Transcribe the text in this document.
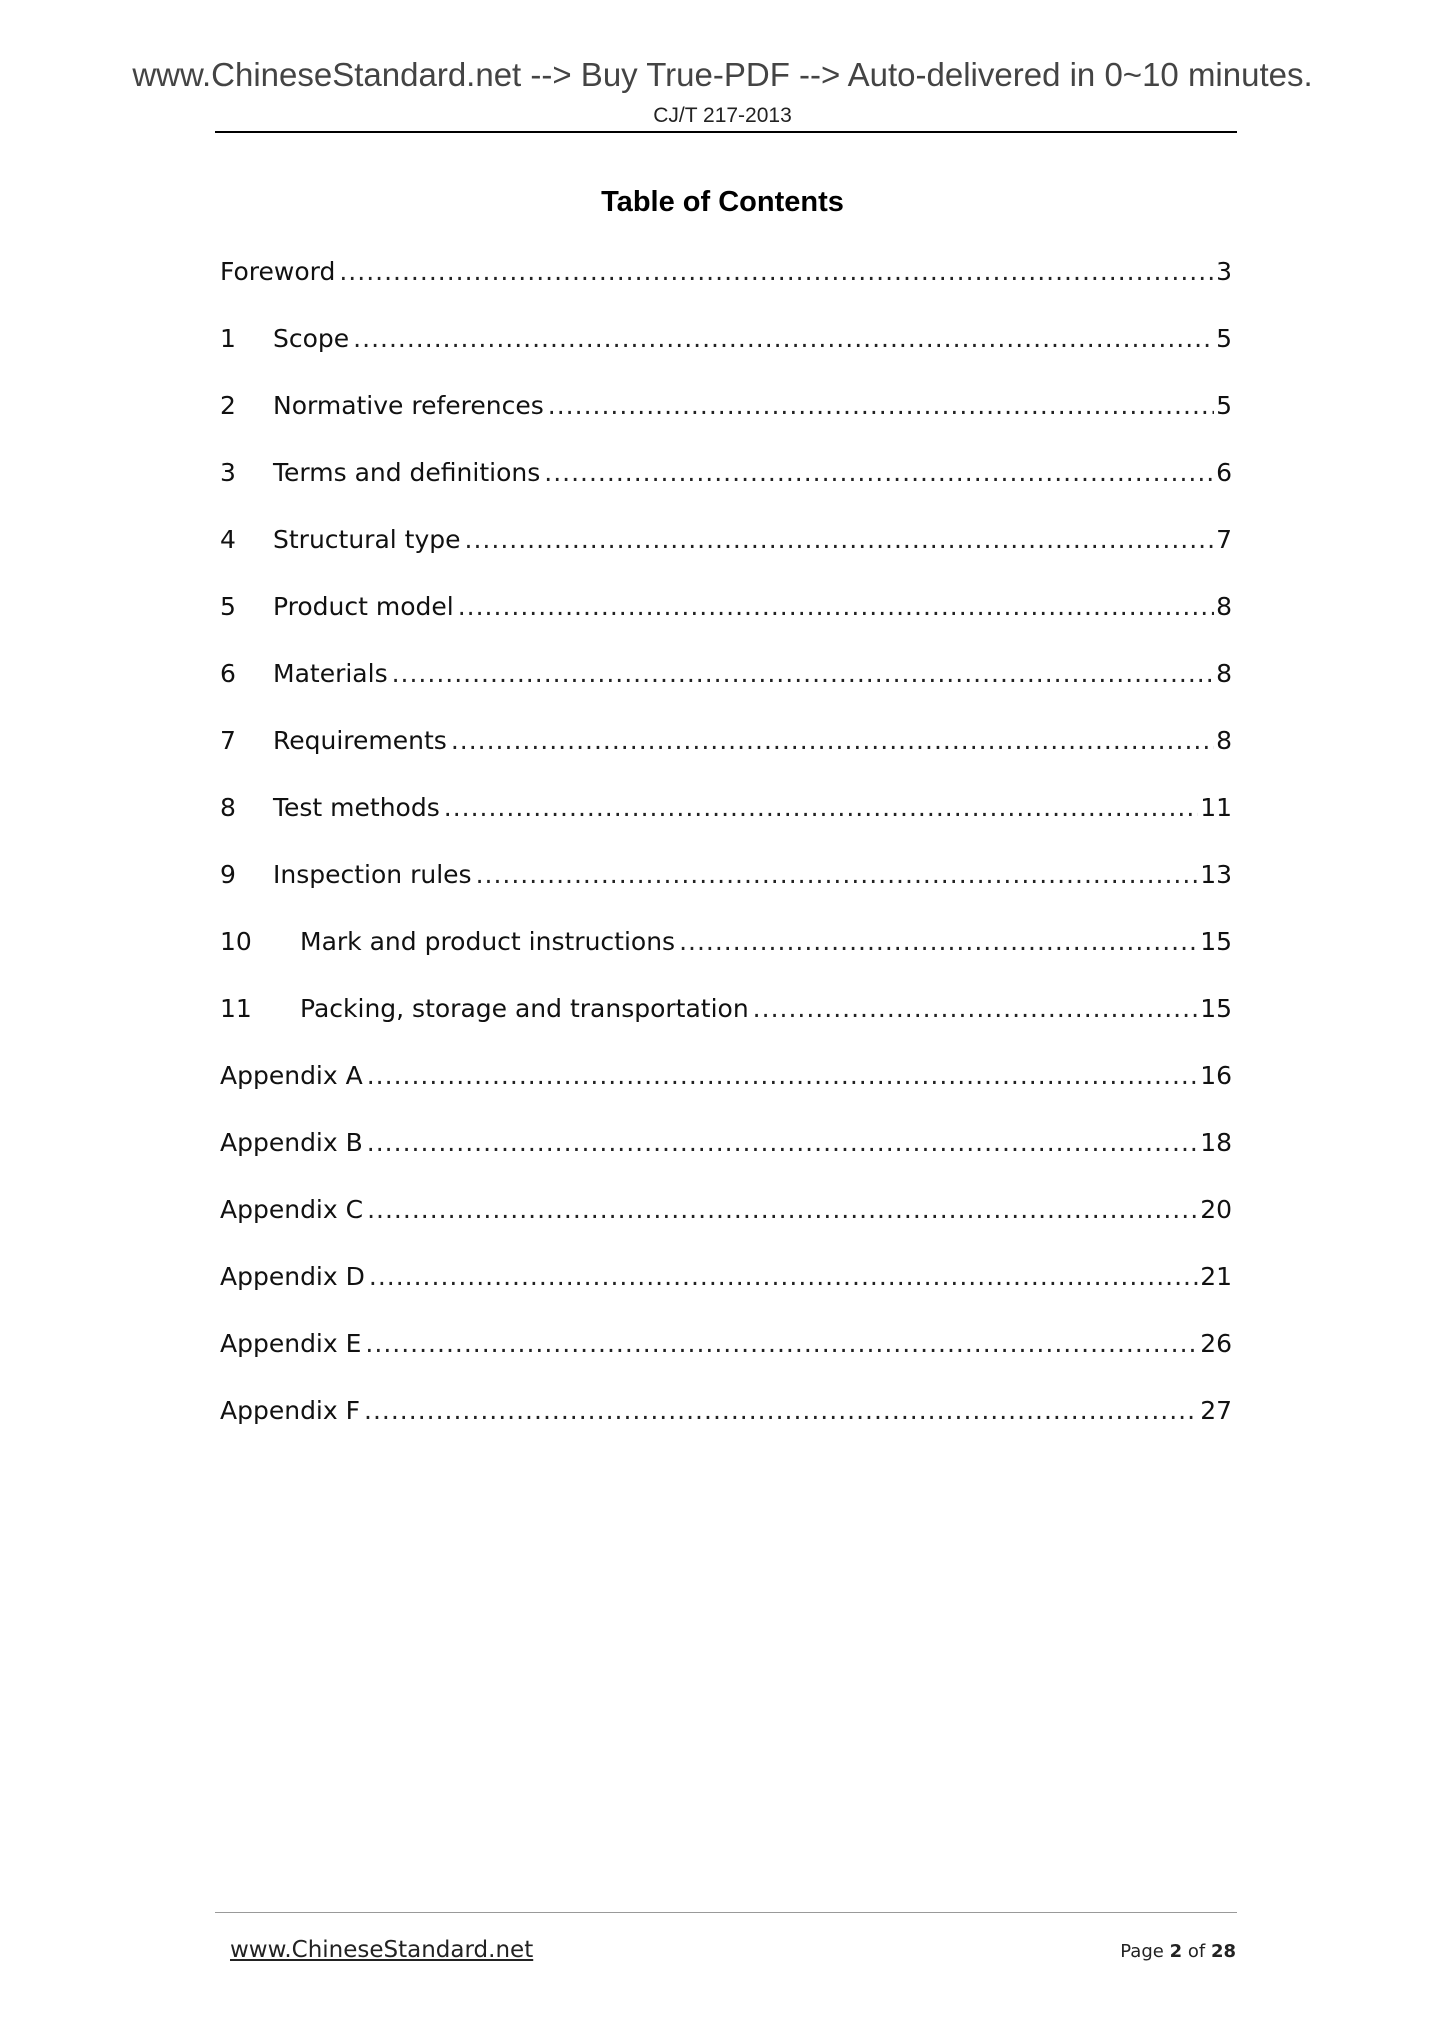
www.ChineseStandard.net --> Buy True-PDF --> Auto-delivered in 0~10 minutes.
CJ/T 217-2013
Table of Contents
Foreword .....	3
1	Scope .....	5
2	Normative references .....	5
3	Terms and definitions .....	6
4	Structural type .....	7
5	Product model .....	8
6	Materials .....	8
7	Requirements .....	8
8	Test methods .....	11
9	Inspection rules .....	13
10	Mark and product instructions .....	15
11	Packing, storage and transportation .....	15
Appendix A .....	16
Appendix B .....	18
Appendix C .....	20
Appendix D .....	21
Appendix E .....	26
Appendix F .....	27
www.ChineseStandard.net	Page 2 of 28
